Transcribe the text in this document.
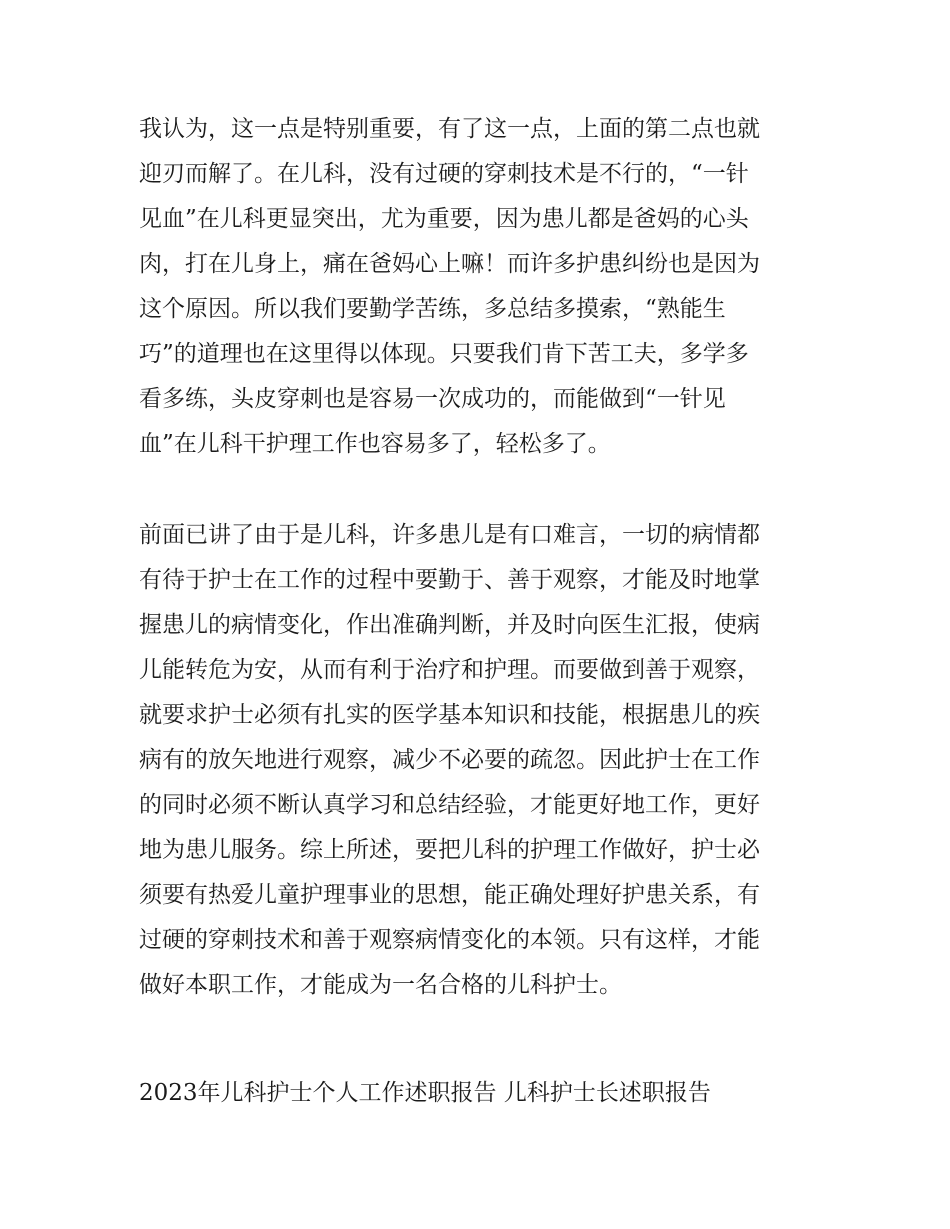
我认为，这一点是特别重要，有了这一点，上面的第二点也就
迎刃而解了。在儿科，没有过硬的穿刺技术是不行的，“一针
见血”在儿科更显突出，尤为重要，因为患儿都是爸妈的心头
肉，打在儿身上，痛在爸妈心上嘛！而许多护患纠纷也是因为
这个原因。所以我们要勤学苦练，多总结多摸索，“熟能生
巧”的道理也在这里得以体现。只要我们肯下苦工夫，多学多
看多练，头皮穿刺也是容易一次成功的，而能做到“一针见
血”在儿科干护理工作也容易多了，轻松多了。
前面已讲了由于是儿科，许多患儿是有口难言，一切的病情都
有待于护士在工作的过程中要勤于、善于观察，才能及时地掌
握患儿的病情变化，作出准确判断，并及时向医生汇报，使病
儿能转危为安，从而有利于治疗和护理。而要做到善于观察，
就要求护士必须有扎实的医学基本知识和技能，根据患儿的疾
病有的放矢地进行观察，减少不必要的疏忽。因此护士在工作
的同时必须不断认真学习和总结经验，才能更好地工作，更好
地为患儿服务。综上所述，要把儿科的护理工作做好，护士必
须要有热爱儿童护理事业的思想，能正确处理好护患关系，有
过硬的穿刺技术和善于观察病情变化的本领。只有这样，才能
做好本职工作，才能成为一名合格的儿科护士。
2023年儿科护士个人工作述职报告 儿科护士长述职报告
